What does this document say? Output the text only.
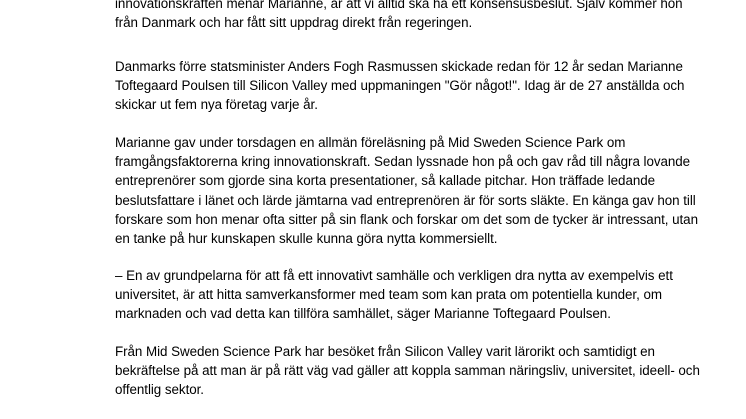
innovationskraften menar Marianne, är att vi alltid ska ha ett konsensusbeslut. Själv kommer hon
från Danmark och har fått sitt uppdrag direkt från regeringen.

Danmarks förre statsminister Anders Fogh Rasmussen skickade redan för 12 år sedan Marianne
Toftegaard Poulsen till Silicon Valley med uppmaningen "Gör något!". Idag är de 27 anställda och
skickar ut fem nya företag varje år.

Marianne gav under torsdagen en allmän föreläsning på Mid Sweden Science Park om
framgångsfaktorerna kring innovationskraft. Sedan lyssnade hon på och gav råd till några lovande
entreprenörer som gjorde sina korta presentationer, så kallade pitchar. Hon träffade ledande
beslutsfattare i länet och lärde jämtarna vad entreprenören är för sorts släkte. En känga gav hon till
forskare som hon menar ofta sitter på sin flank och forskar om det som de tycker är intressant, utan
en tanke på hur kunskapen skulle kunna göra nytta kommersiellt.

– En av grundpelarna för att få ett innovativt samhälle och verkligen dra nytta av exempelvis ett
universitet, är att hitta samverkansformer med team som kan prata om potentiella kunder, om
marknaden och vad detta kan tillföra samhället, säger Marianne Toftegaard Poulsen.

Från Mid Sweden Science Park har besöket från Silicon Valley varit lärorikt och samtidigt en
bekräftelse på att man är på rätt väg vad gäller att koppla samman näringsliv, universitet, ideell- och
offentlig sektor.
